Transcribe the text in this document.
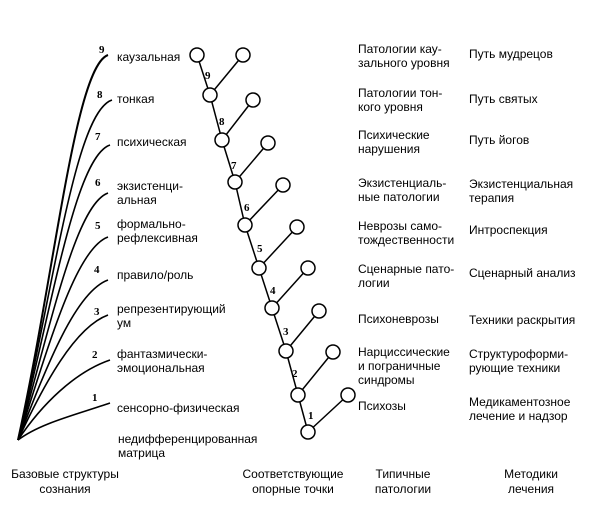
сенсорно-физическая
фантазмически-
эмоциональная
репрезентирующий
ум
правило/роль
формально-
рефлексивная
экзистенци-
альная
психическая
тонкая
каузальная
1
2
3
4
5
6
7
8
9
1
2
3
4
5
6
7
8
9
Психозы
Нарциссические
и пограничные
синдромы
Психоневрозы
Сценарные пато-
логии
Неврозы само-
тождественности
Экзистенциаль-
ные патологии
Психические
нарушения
Патологии тон-
кого уровня
Патологии кау-
зального уровня
Медикаментозное
лечение и надзор
Структуроформи-
рующие техники
Техники раскрытия
Сценарный анализ
Интроспекция
Экзистенциальная
терапия
Путь йогов
Путь святых
Путь мудрецов
недифференцированная
матрица
Базовые структуры
сознания
Соответствующие
опорные точки
Типичные
патологии
Методики
лечения
